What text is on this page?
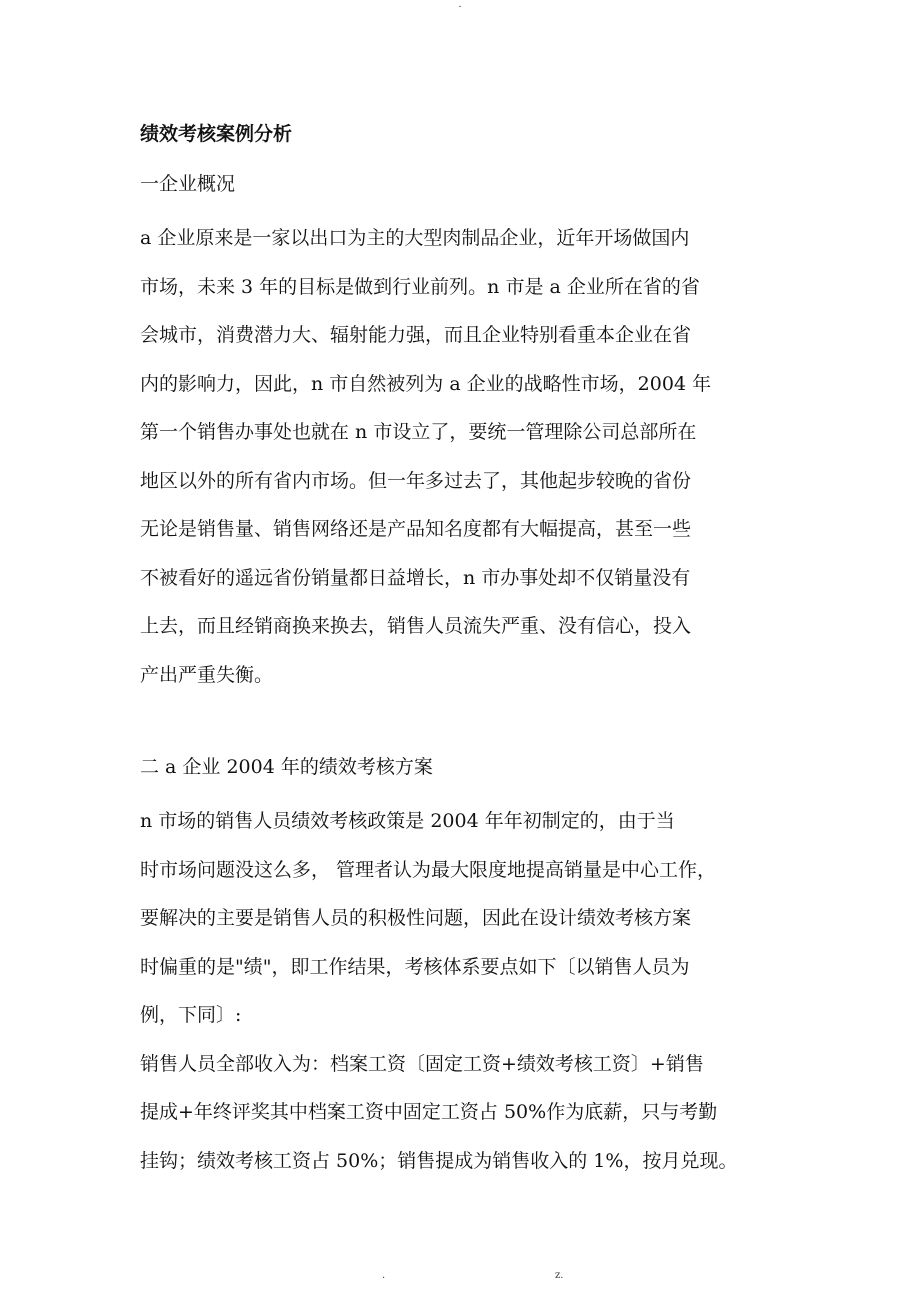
-
绩效考核案例分析
一企业概况
a 企业原来是一家以出口为主的大型肉制品企业，近年开场做国内
市场，未来 3 年的目标是做到行业前列。n 市是 a 企业所在省的省
会城市，消费潜力大、辐射能力强，而且企业特别看重本企业在省
内的影响力，因此，n 市自然被列为 a 企业的战略性市场，2004 年
第一个销售办事处也就在 n 市设立了，要统一管理除公司总部所在
地区以外的所有省内市场。但一年多过去了，其他起步较晚的省份
无论是销售量、销售网络还是产品知名度都有大幅提高，甚至一些
不被看好的遥远省份销量都日益增长，n 市办事处却不仅销量没有
上去，而且经销商换来换去，销售人员流失严重、没有信心，投入
产出严重失衡。
二 a 企业 2004 年的绩效考核方案
n 市场的销售人员绩效考核政策是 2004 年年初制定的，由于当
时市场问题没这么多， 管理者认为最大限度地提高销量是中心工作，
要解决的主要是销售人员的积极性问题，因此在设计绩效考核方案
时偏重的是"绩"，即工作结果，考核体系要点如下〔以销售人员为
例，下同〕:
销售人员全部收入为：档案工资〔固定工资+绩效考核工资〕+销售
提成+年终评奖其中档案工资中固定工资占 50%作为底薪，只与考勤
挂钩；绩效考核工资占 50%；销售提成为销售收入的 1%，按月兑现。
.	z.
